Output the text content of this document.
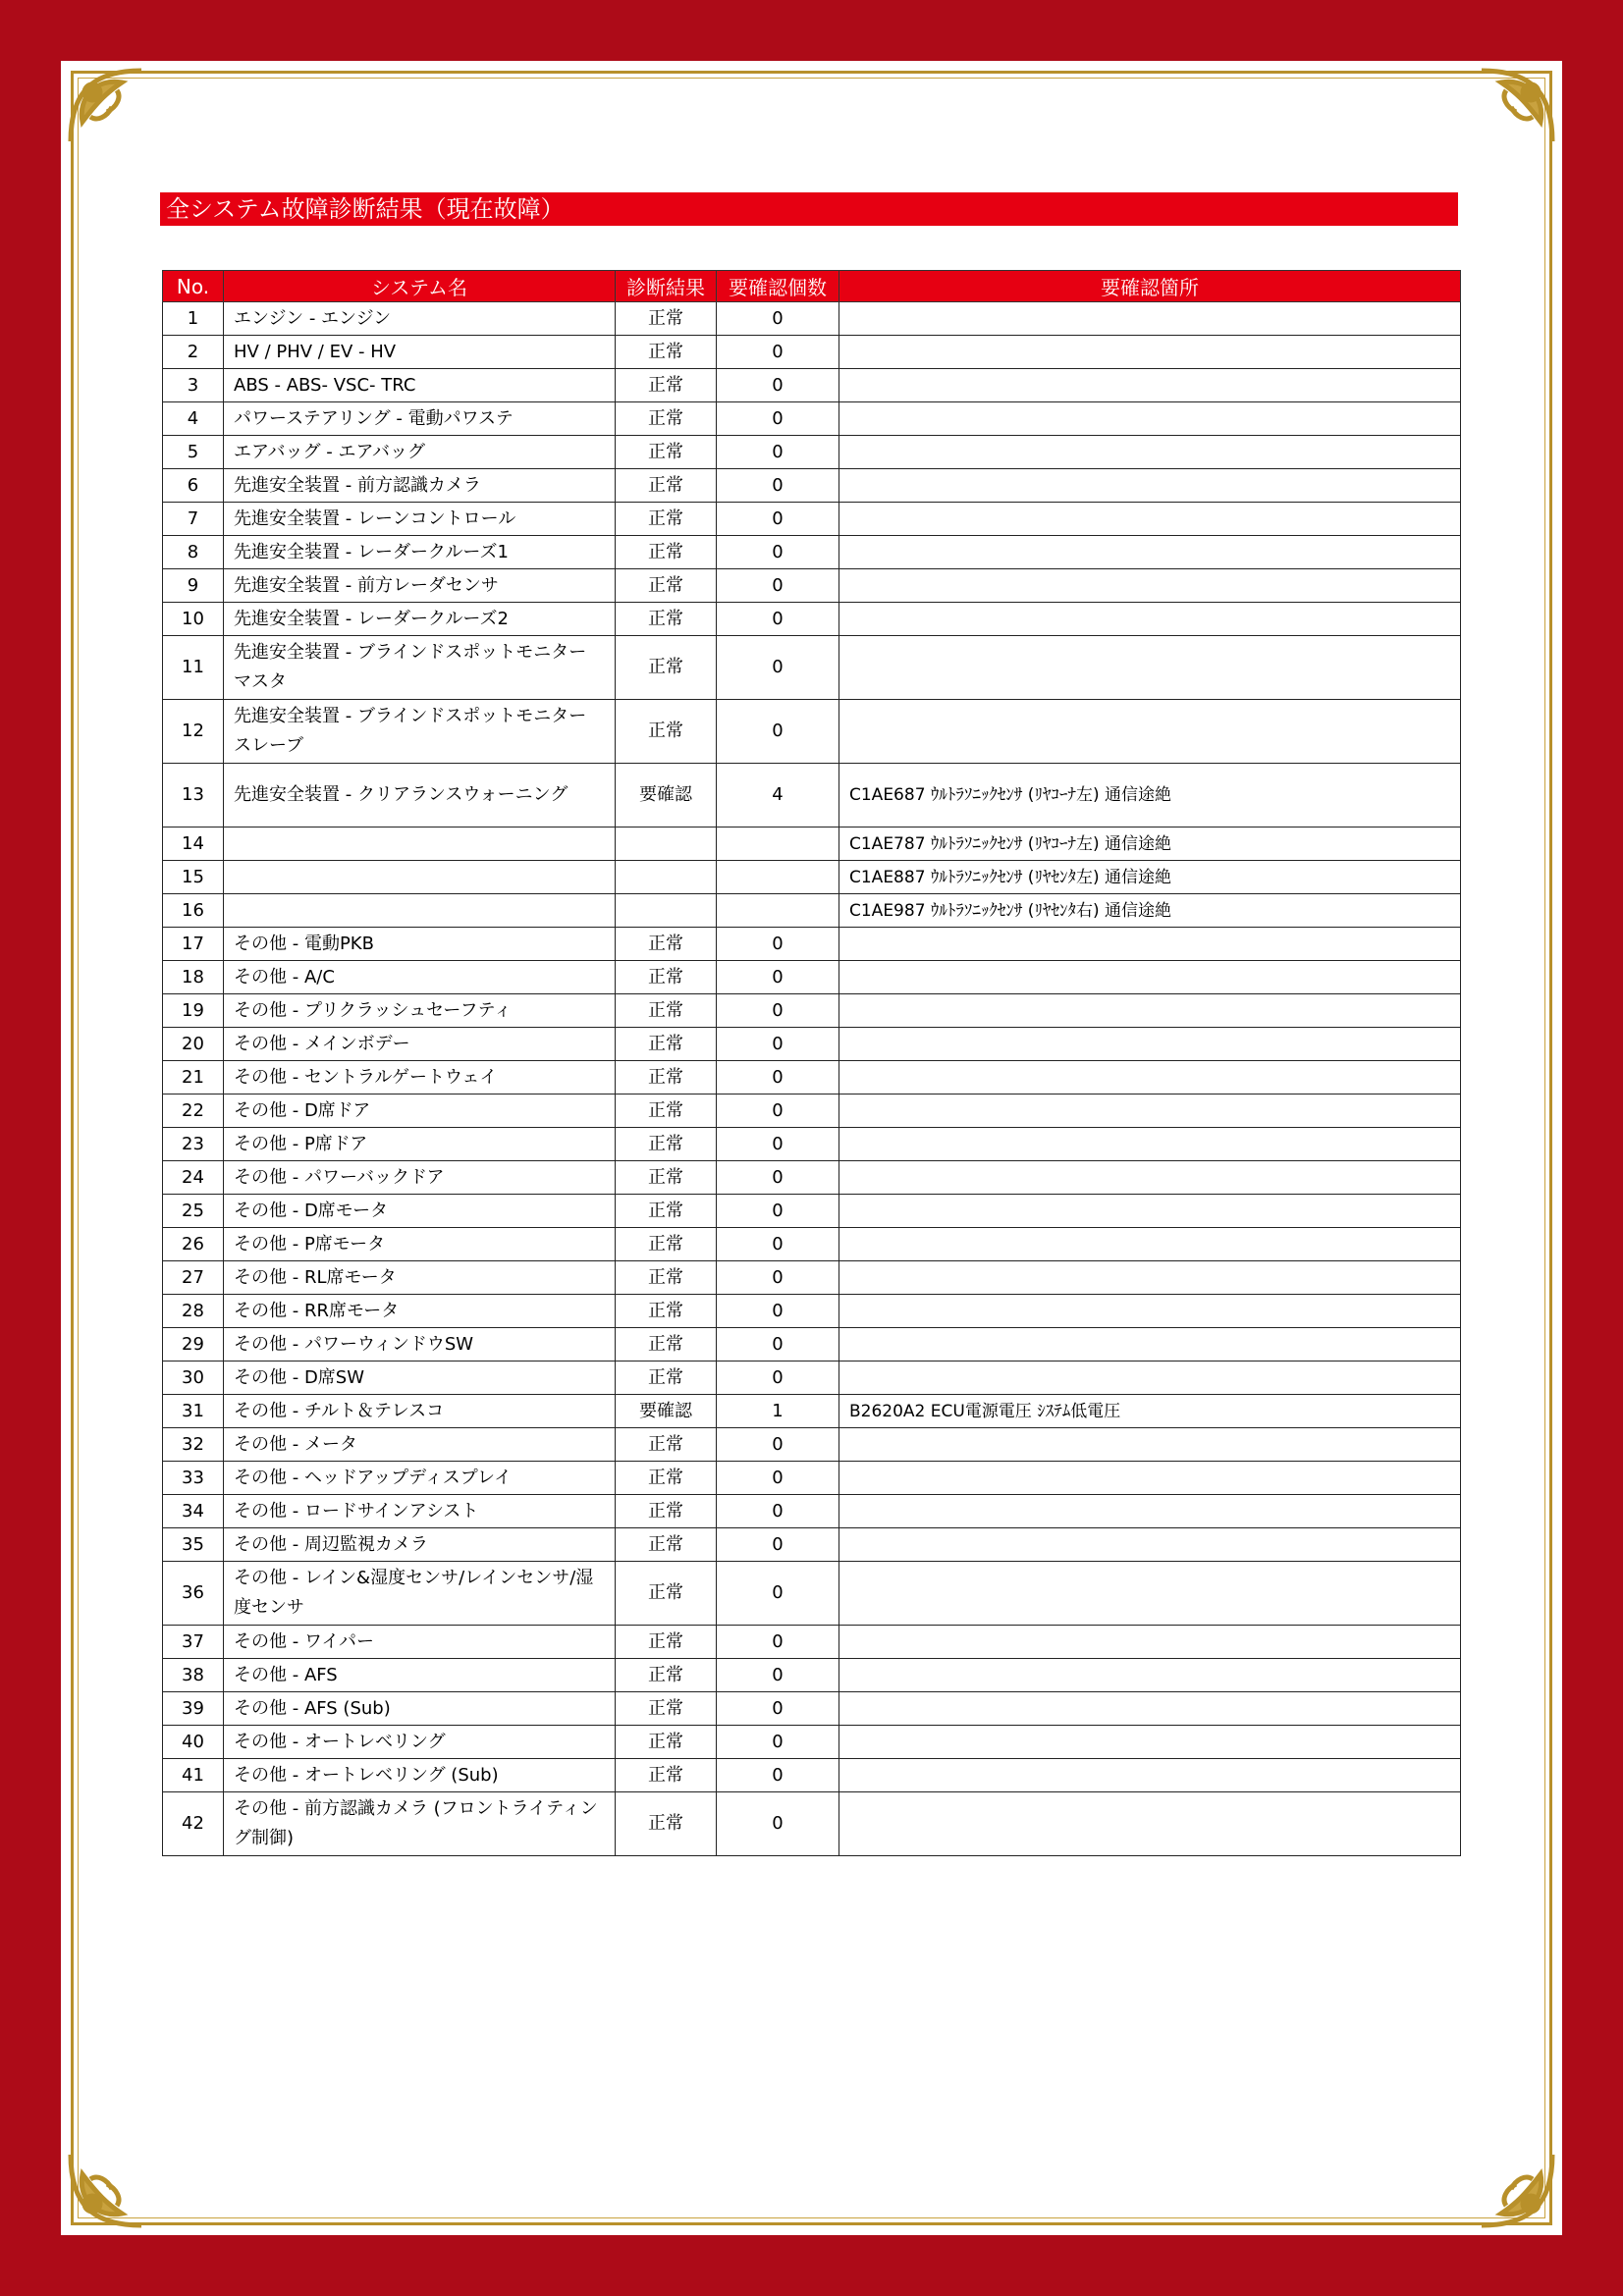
全システム故障診断結果（現在故障）
No.	システム名	診断結果	要確認個数	要確認箇所
1	エンジン - エンジン	正常	0	
2	HV / PHV / EV - HV	正常	0	
3	ABS - ABS- VSC- TRC	正常	0	
4	パワーステアリング - 電動パワステ	正常	0	
5	エアバッグ - エアバッグ	正常	0	
6	先進安全装置 - 前方認識カメラ	正常	0	
7	先進安全装置 - レーンコントロール	正常	0	
8	先進安全装置 - レーダークルーズ1	正常	0	
9	先進安全装置 - 前方レーダセンサ	正常	0	
10	先進安全装置 - レーダークルーズ2	正常	0	
11	先進安全装置 - ブラインドスポットモニター マスタ	正常	0	
12	先進安全装置 - ブラインドスポットモニター スレーブ	正常	0	
13	先進安全装置 - クリアランスウォーニング	要確認	4	C1AE687 ｳﾙﾄﾗｿﾆｯｸｾﾝｻ (ﾘﾔｺｰﾅ左) 通信途絶
14				C1AE787 ｳﾙﾄﾗｿﾆｯｸｾﾝｻ (ﾘﾔｺｰﾅ左) 通信途絶
15				C1AE887 ｳﾙﾄﾗｿﾆｯｸｾﾝｻ (ﾘﾔｾﾝﾀ左) 通信途絶
16				C1AE987 ｳﾙﾄﾗｿﾆｯｸｾﾝｻ (ﾘﾔｾﾝﾀ右) 通信途絶
17	その他 - 電動PKB	正常	0	
18	その他 - A/C	正常	0	
19	その他 - プリクラッシュセーフティ	正常	0	
20	その他 - メインボデー	正常	0	
21	その他 - セントラルゲートウェイ	正常	0	
22	その他 - D席ドア	正常	0	
23	その他 - P席ドア	正常	0	
24	その他 - パワーバックドア	正常	0	
25	その他 - D席モータ	正常	0	
26	その他 - P席モータ	正常	0	
27	その他 - RL席モータ	正常	0	
28	その他 - RR席モータ	正常	0	
29	その他 - パワーウィンドウSW	正常	0	
30	その他 - D席SW	正常	0	
31	その他 - チルト＆テレスコ	要確認	1	B2620A2 ECU電源電圧 ｼｽﾃﾑ低電圧
32	その他 - メータ	正常	0	
33	その他 - ヘッドアップディスプレイ	正常	0	
34	その他 - ロードサインアシスト	正常	0	
35	その他 - 周辺監視カメラ	正常	0	
36	その他 - レイン&湿度センサ/レインセンサ/湿度センサ	正常	0	
37	その他 - ワイパー	正常	0	
38	その他 - AFS	正常	0	
39	その他 - AFS (Sub)	正常	0	
40	その他 - オートレベリング	正常	0	
41	その他 - オートレベリング (Sub)	正常	0	
42	その他 - 前方認識カメラ (フロントライティング制御)	正常	0	
